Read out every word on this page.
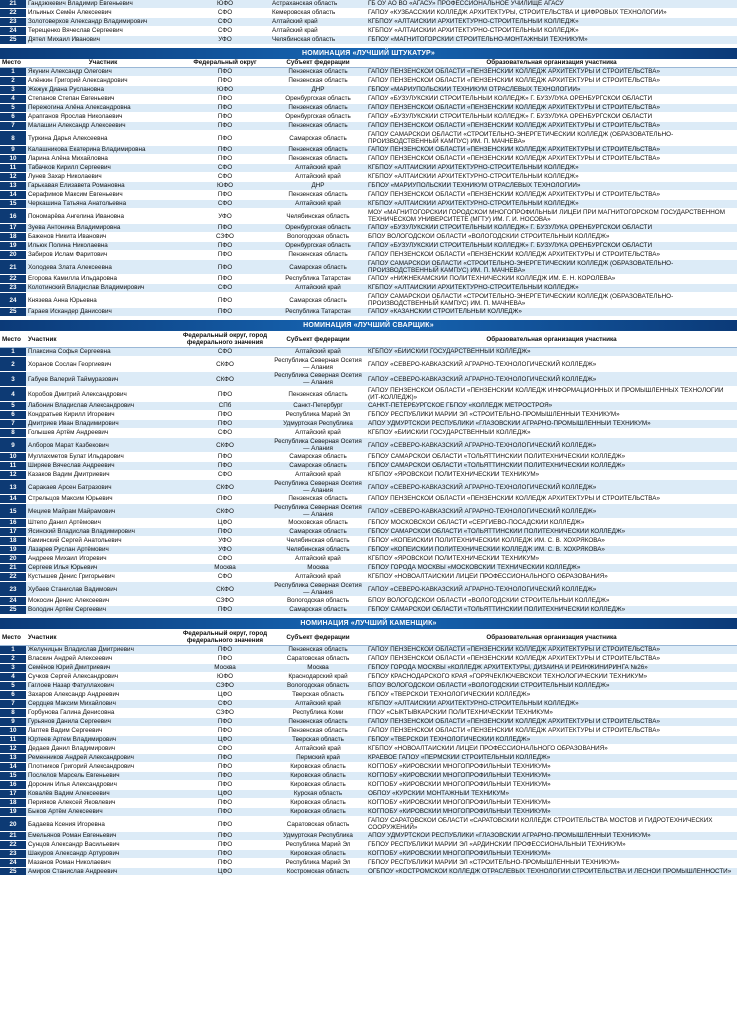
21	Гандзюкевич Владимир Евгеньевич	ЮФО	Астраханская область	ГБ ОУ АО ВО «АГАСУ» ПРОФЕССИОНАЛЬНОЕ УЧИЛИЩЕ АГАСУ
22	Ильиных Семён Алексеевич	СФО	Кемеровская область	ГАПОУ «КУЗБАССКИЙ КОЛЛЕДЖ АРХИТЕКТУРЫ, СТРОИТЕЛЬСТВА И ЦИФРОВЫХ ТЕХНОЛОГИЙ»
23	Золотоверхов Александр Владимирович	СФО	Алтайский край	КГБПОУ «АЛТАЙСКИЙ АРХИТЕКТУРНО-СТРОИТЕЛЬНЫЙ КОЛЛЕДЖ»
24	Терещенко Вячеслав Сергеевич	СФО	Алтайский край	КГБПОУ «АЛТАЙСКИЙ АРХИТЕКТУРНО-СТРОИТЕЛЬНЫЙ КОЛЛЕДЖ»
25	Дятел Михаил Иванович	УФО	Челябинская область	ГБПОУ «МАГНИТОГОРСКИЙ СТРОИТЕЛЬНО-МОНТАЖНЫЙ ТЕХНИКУМ»
НОМИНАЦИЯ «ЛУЧШИЙ ШТУКАТУР»
Место	Участник	Федеральный округ	Субъект федерации	Образовательная организация участника
1	Якунин Александр Олегович	ПФО	Пензенская область	ГАПОУ ПЕНЗЕНСКОЙ ОБЛАСТИ «ПЕНЗЕНСКИЙ КОЛЛЕДЖ АРХИТЕКТУРЫ И СТРОИТЕЛЬСТВА»
2	Алёнкин Григорий Александрович	ПФО	Пензенская область	ГАПОУ ПЕНЗЕНСКОЙ ОБЛАСТИ «ПЕНЗЕНСКИЙ КОЛЛЕДЖ АРХИТЕКТУРЫ И СТРОИТЕЛЬСТВА»
3	Жежук Диана Руслановна	ЮФО	ДНР	ГБПОУ «МАРИУПОЛЬСКИЙ ТЕХНИКУМ ОТРАСЛЕВЫХ ТЕХНОЛОГИЙ»
4	Степанов Степан Евгеньевич	ПФО	Оренбургская область	ГАПОУ «БУЗУЛУКСКИЙ СТРОИТЕЛЬНЫЙ КОЛЛЕДЖ» Г. БУЗУЛУКА ОРЕНБУРГСКОЙ ОБЛАСТИ
5	Пережогина Алёна Александровна	ПФО	Пензенская область	ГАПОУ ПЕНЗЕНСКОЙ ОБЛАСТИ «ПЕНЗЕНСКИЙ КОЛЛЕДЖ АРХИТЕКТУРЫ И СТРОИТЕЛЬСТВА»
6	Арапганов Ярослав Николаевич	ПФО	Оренбургская область	ГАПОУ «БУЗУЛУКСКИЙ СТРОИТЕЛЬНЫЙ КОЛЛЕДЖ» Г. БУЗУЛУКА ОРЕНБУРГСКОЙ ОБЛАСТИ
7	Малашин Александр Алексеевич	ПФО	Пензенская область	ГАПОУ ПЕНЗЕНСКОЙ ОБЛАСТИ «ПЕНЗЕНСКИЙ КОЛЛЕДЖ АРХИТЕКТУРЫ И СТРОИТЕЛЬСТВА»
8	Туркина Дарья Алексеевна	ПФО	Самарская область	ГАПОУ САМАРСКОЙ ОБЛАСТИ «СТРОИТЕЛЬНО-ЭНЕРГЕТИЧЕСКИЙ КОЛЛЕДЖ (ОБРАЗОВАТЕЛЬНО-ПРОИЗВОДСТВЕННЫЙ КАМПУС) ИМ. П. МАЧНЕВА»
9	Калашникова Екатерина Владимировна	ПФО	Пензенская область	ГАПОУ ПЕНЗЕНСКОЙ ОБЛАСТИ «ПЕНЗЕНСКИЙ КОЛЛЕДЖ АРХИТЕКТУРЫ И СТРОИТЕЛЬСТВА»
10	Ларина Алёна Михайловна	ПФО	Пензенская область	ГАПОУ ПЕНЗЕНСКОЙ ОБЛАСТИ «ПЕНЗЕНСКИЙ КОЛЛЕДЖ АРХИТЕКТУРЫ И СТРОИТЕЛЬСТВА»
11	Табачков Кирилл Сергеевич	СФО	Алтайский край	КГБПОУ «АЛТАЙСКИЙ АРХИТЕКТУРНО-СТРОИТЕЛЬНЫЙ КОЛЛЕДЖ»
12	Лунев Захар Николаевич	СФО	Алтайский край	КГБПОУ «АЛТАЙСКИЙ АРХИТЕКТУРНО-СТРОИТЕЛЬНЫЙ КОЛЛЕДЖ»
13	Гарькавая Елизавета Романовна	ЮФО	ДНР	ГБПОУ «МАРИУПОЛЬСКИЙ ТЕХНИКУМ ОТРАСЛЕВЫХ ТЕХНОЛОГИЙ»
14	Серафимов Максим Евгеньевич	ПФО	Пензенская область	ГАПОУ ПЕНЗЕНСКОЙ ОБЛАСТИ «ПЕНЗЕНСКИЙ КОЛЛЕДЖ АРХИТЕКТУРЫ И СТРОИТЕЛЬСТВА»
15	Черкашина Татьяна Анатольевна	СФО	Алтайский край	КГБПОУ «АЛТАЙСКИЙ АРХИТЕКТУРНО-СТРОИТЕЛЬНЫЙ КОЛЛЕДЖ»
16	Пономарёва Ангелина Ивановна	УФО	Челябинская область	МОУ «МАГНИТОГОРСКИЙ ГОРОДСКОЙ МНОГОПРОФИЛЬНЫЙ ЛИЦЕЙ ПРИ МАГНИТОГОРСКОМ ГОСУДАРСТВЕННОМ ТЕХНИЧЕСКОМ УНИВЕРСИТЕТЕ (МГТУ) ИМ. Г. И. НОСОВА»
17	Зуева Антонина Владимировна	ПФО	Оренбургская область	ГАПОУ «БУЗУЛУКСКИЙ СТРОИТЕЛЬНЫЙ КОЛЛЕДЖ» Г. БУЗУЛУКА ОРЕНБУРГСКОЙ ОБЛАСТИ
18	Баженов Никита Иванович	СЗФО	Вологодская область	БПОУ ВОЛОГОДСКОЙ ОБЛАСТИ «ВОЛОГОДСКИЙ СТРОИТЕЛЬНЫЙ КОЛЛЕДЖ»
19	Ильюк Полина Николаевна	ПФО	Оренбургская область	ГАПОУ «БУЗУЛУКСКИЙ СТРОИТЕЛЬНЫЙ КОЛЛЕДЖ» Г. БУЗУЛУКА ОРЕНБУРГСКОЙ ОБЛАСТИ
20	Забиров Ислам Фаритович	ПФО	Пензенская область	ГАПОУ ПЕНЗЕНСКОЙ ОБЛАСТИ «ПЕНЗЕНСКИЙ КОЛЛЕДЖ АРХИТЕКТУРЫ И СТРОИТЕЛЬСТВА»
21	Холодева Злата Алексеевна	ПФО	Самарская область	ГАПОУ САМАРСКОЙ ОБЛАСТИ «СТРОИТЕЛЬНО-ЭНЕРГЕТИЧЕСКИЙ КОЛЛЕДЖ (ОБРАЗОВАТЕЛЬНО-ПРОИЗВОДСТВЕННЫЙ КАМПУС) ИМ. П. МАЧНЕВА»
22	Егорова Камилла Ильдаровна	ПФО	Республика Татарстан	ГАПОУ «НИЖНЕКАМСКИЙ ПОЛИТЕХНИЧЕСКИЙ КОЛЛЕДЖ ИМ. Е. Н. КОРОЛЁВА»
23	Колотинский Владислав Владимирович	СФО	Алтайский край	КГБПОУ «АЛТАЙСКИЙ АРХИТЕКТУРНО-СТРОИТЕЛЬНЫЙ КОЛЛЕДЖ»
24	Князева Анна Юрьевна	ПФО	Самарская область	ГАПОУ САМАРСКОЙ ОБЛАСТИ «СТРОИТЕЛЬНО-ЭНЕРГЕТИЧЕСКИЙ КОЛЛЕДЖ (ОБРАЗОВАТЕЛЬНО-ПРОИЗВОДСТВЕННЫЙ КАМПУС) ИМ. П. МАЧНЕВА»
25	Гараев Искандер Данисович	ПФО	Республика Татарстан	ГАПОУ «КАЗАНСКИЙ СТРОИТЕЛЬНЫЙ КОЛЛЕДЖ»
НОМИНАЦИЯ «ЛУЧШИЙ СВАРЩИК»
Место	Участник	Федеральный округ, город федерального значения	Субъект федерации	Образовательная организация участника
1	Плаксина Софья Сергеевна	СФО	Алтайский край	КГБПОУ «БИЙСКИЙ ГОСУДАРСТВЕННЫЙ КОЛЛЕДЖ»
2	Хоранов Сослан Георгиевич	СКФО	Республика Северная Осетия — Алания	ГАПОУ «СЕВЕРО-КАВКАЗСКИЙ АГРАРНО-ТЕХНОЛОГИЧЕСКИЙ КОЛЛЕДЖ»
3	Габуев Валерий Таймуразович	СКФО	Республика Северная Осетия — Алания	ГАПОУ «СЕВЕРО-КАВКАЗСКИЙ АГРАРНО-ТЕХНОЛОГИЧЕСКИЙ КОЛЛЕДЖ»
4	Коробов Дмитрий Александрович	ПФО	Пензенская область	ГАПОУ ПЕНЗЕНСКОЙ ОБЛАСТИ «ПЕНЗЕНСКИЙ КОЛЛЕДЖ ИНФОРМАЦИОННЫХ И ПРОМЫШЛЕННЫХ ТЕХНОЛОГИЙ (ИТ-КОЛЛЕДЖ)»
5	Лабонин Владислав Александрович	СПб	Санкт-Петербург	САНКТ-ПЕТЕРБУРГСКОЕ ГБПОУ «КОЛЛЕДЖ МЕТРОСТРОЯ»
6	Кондратьев Кирилл Игоревич	ПФО	Республика Марий Эл	ГБПОУ РЕСПУБЛИКИ МАРИЙ ЭЛ «СТРОИТЕЛЬНО-ПРОМЫШЛЕННЫЙ ТЕХНИКУМ»
7	Дмитриев Иван Владимирович	ПФО	Удмуртская Республика	АПОУ УДМУРТСКОЙ РЕСПУБЛИКИ «ГЛАЗОВСКИЙ АГРАРНО-ПРОМЫШЛЕННЫЙ ТЕХНИКУМ»
8	Голышев Артём Андреевич	СФО	Алтайский край	КГБПОУ «БИЙСКИЙ ГОСУДАРСТВЕННЫЙ КОЛЛЕДЖ»
9	Алборов Марат Казбекович	СКФО	Республика Северная Осетия — Алания	ГАПОУ «СЕВЕРО-КАВКАЗСКИЙ АГРАРНО-ТЕХНОЛОГИЧЕСКИЙ КОЛЛЕДЖ»
10	Муллахметов Булат Ильдарович	ПФО	Самарская область	ГБПОУ САМАРСКОЙ ОБЛАСТИ «ТОЛЬЯТТИНСКИЙ ПОЛИТЕХНИЧЕСКИЙ КОЛЛЕДЖ»
11	Ширяев Вячеслав Андреевич	ПФО	Самарская область	ГБПОУ САМАРСКОЙ ОБЛАСТИ «ТОЛЬЯТТИНСКИЙ ПОЛИТЕХНИЧЕСКИЙ КОЛЛЕДЖ»
12	Казаков Вадим Дмитриевич	СФО	Алтайский край	КГБПОУ «ЯРОВСКОЙ ПОЛИТЕХНИЧЕСКИЙ ТЕХНИКУМ»
13	Саракаев Арсен Батразович	СКФО	Республика Северная Осетия — Алания	ГАПОУ «СЕВЕРО-КАВКАЗСКИЙ АГРАРНО-ТЕХНОЛОГИЧЕСКИЙ КОЛЛЕДЖ»
14	Стрельцов Максим Юрьевич	ПФО	Пензенская область	ГАПОУ ПЕНЗЕНСКОЙ ОБЛАСТИ «ПЕНЗЕНСКИЙ КОЛЛЕДЖ АРХИТЕКТУРЫ И СТРОИТЕЛЬСТВА»
15	Мециев Майрам Майрамович	СКФО	Республика Северная Осетия — Алания	ГАПОУ «СЕВЕРО-КАВКАЗСКИЙ АГРАРНО-ТЕХНОЛОГИЧЕСКИЙ КОЛЛЕДЖ»
16	Штепо Данил Артёмович	ЦФО	Московская область	ГБПОУ МОСКОВСКОЙ ОБЛАСТИ «СЕРГИЕВО-ПОСАДСКИЙ КОЛЛЕДЖ»
17	Ясинский Владислав Владимирович	ПФО	Самарская область	ГБПОУ САМАРСКОЙ ОБЛАСТИ «ТОЛЬЯТТИНСКИЙ ПОЛИТЕХНИЧЕСКИЙ КОЛЛЕДЖ»
18	Каминский Сергей Анатольевич	УФО	Челябинская область	ГБПОУ «КОПЕЙСКИЙ ПОЛИТЕХНИЧЕСКИЙ КОЛЛЕДЖ ИМ. С. В. ХОХРЯКОВА»
19	Лазарев Руслан Артёмович	УФО	Челябинская область	ГБПОУ «КОПЕЙСКИЙ ПОЛИТЕХНИЧЕСКИЙ КОЛЛЕДЖ ИМ. С. В. ХОХРЯКОВА»
20	Андреев Михаил Игоревич	СФО	Алтайский край	КГБПОУ «ЯРОВСКОЙ ПОЛИТЕХНИЧЕСКИЙ ТЕХНИКУМ»
21	Сергеев Илья Юрьевич	Москва	Москва	ГБПОУ ГОРОДА МОСКВЫ «МОСКОВСКИЙ ТЕХНИЧЕСКИЙ КОЛЛЕДЖ»
22	Кустышев Денис Григорьевич	СФО	Алтайский край	КГБПОУ «НОВОАЛТАЙСКИЙ ЛИЦЕЙ ПРОФЕССИОНАЛЬНОГО ОБРАЗОВАНИЯ»
23	Хубаев Станислав Вадимович	СКФО	Республика Северная Осетия — Алания	ГАПОУ «СЕВЕРО-КАВКАЗСКИЙ АГРАРНО-ТЕХНОЛОГИЧЕСКИЙ КОЛЛЕДЖ»
24	Мокосин Денис Алексеевич	СЗФО	Вологодская область	БПОУ ВОЛОГОДСКОЙ ОБЛАСТИ «ВОЛОГОДСКИЙ СТРОИТЕЛЬНЫЙ КОЛЛЕДЖ»
25	Володин Артём Сергеевич	ПФО	Самарская область	ГБПОУ САМАРСКОЙ ОБЛАСТИ «ТОЛЬЯТТИНСКИЙ ПОЛИТЕХНИЧЕСКИЙ КОЛЛЕДЖ»
НОМИНАЦИЯ «ЛУЧШИЙ КАМЕНЩИК»
Место	Участник	Федеральный округ, город федерального значения	Субъект федерации	Образовательная организация участника
1	Желуницын Владислав Дмитриевич	ПФО	Пензенская область	ГАПОУ ПЕНЗЕНСКОЙ ОБЛАСТИ «ПЕНЗЕНСКИЙ КОЛЛЕДЖ АРХИТЕКТУРЫ И СТРОИТЕЛЬСТВА»
2	Власкин Андрей Алексеевич	ПФО	Саратовская область	ГАПОУ ПЕНЗЕНСКОЙ ОБЛАСТИ «ПЕНЗЕНСКИЙ КОЛЛЕДЖ АРХИТЕКТУРЫ И СТРОИТЕЛЬСТВА»
3	Семёнов Юрий Дмитриевич	Москва	Москва	ГБПОУ ГОРОДА МОСКВЫ «КОЛЛЕДЖ АРХИТЕКТУРЫ, ДИЗАЙНА И РЕИНЖИНИРИНГА №26»
4	Сучков Сергей Александрович	ЮФО	Краснодарский край	ГБПОУ КРАСНОДАРСКОГО КРАЯ «ГОРЯЧЕКЛЮЧЕВСКОЙ ТЕХНОЛОГИЧЕСКИЙ ТЕХНИКУМ»
5	Гаглоев Назар Фатуллахович	СЗФО	Вологодская область	БПОУ ВОЛОГОДСКОЙ ОБЛАСТИ «ВОЛОГОДСКИЙ СТРОИТЕЛЬНЫЙ КОЛЛЕДЖ»
6	Захаров Александр Андреевич	ЦФО	Тверская область	ГБПОУ «ТВЕРСКОЙ ТЕХНОЛОГИЧЕСКИЙ КОЛЛЕДЖ»
7	Сердцев Максим Михайлович	СФО	Алтайский край	КГБПОУ «АЛТАЙСКИЙ АРХИТЕКТУРНО-СТРОИТЕЛЬНЫЙ КОЛЛЕДЖ»
8	Горбунова Галина Денисовна	СЗФО	Республика Коми	ГПОУ «СЫКТЫВКАРСКИЙ ПОЛИТЕХНИЧЕСКИЙ ТЕХНИКУМ»
9	Гурьянов Данила Сергеевич	ПФО	Пензенская область	ГАПОУ ПЕНЗЕНСКОЙ ОБЛАСТИ «ПЕНЗЕНСКИЙ КОЛЛЕДЖ АРХИТЕКТУРЫ И СТРОИТЕЛЬСТВА»
10	Лаптев Вадим Сергеевич	ПФО	Пензенская область	ГАПОУ ПЕНЗЕНСКОЙ ОБЛАСТИ «ПЕНЗЕНСКИЙ КОЛЛЕДЖ АРХИТЕКТУРЫ И СТРОИТЕЛЬСТВА»
11	Юртеев Артем Владимирович	ЦФО	Тверская область	ГБПОУ «ТВЕРСКОЙ ТЕХНОЛОГИЧЕСКИЙ КОЛЛЕДЖ»
12	Дедаев Данил Владимирович	СФО	Алтайский край	КГБПОУ «НОВОАЛТАЙСКИЙ ЛИЦЕЙ ПРОФЕССИОНАЛЬНОГО ОБРАЗОВАНИЯ»
13	Ременников Андрей Александрович	ПФО	Пермский край	КРАЕВОЕ ГАПОУ «ПЕРМСКИЙ СТРОИТЕЛЬНЫЙ КОЛЛЕДЖ»
14	Плотников Григорий Александрович	ПФО	Кировская область	КОГПОБУ «КИРОВСКИЙ МНОГОПРОФИЛЬНЫЙ ТЕХНИКУМ»
15	Послелов Марсель Евгеньевич	ПФО	Кировская область	КОГПОБУ «КИРОВСКИЙ МНОГОПРОФИЛЬНЫЙ ТЕХНИКУМ»
16	Доронин Илья Александрович	ПФО	Кировская область	КОГПОБУ «КИРОВСКИЙ МНОГОПРОФИЛЬНЫЙ ТЕХНИКУМ»
17	Ковалёв Вадим Алексеевич	ЦФО	Курская область	ОБПОУ «КУРСКИЙ МОНТАЖНЫЙ ТЕХНИКУМ»
18	Перияков Алексей Яковлевич	ПФО	Кировская область	КОГПОБУ «КИРОВСКИЙ МНОГОПРОФИЛЬНЫЙ ТЕХНИКУМ»
19	Быков Артём Алексеевич	ПФО	Кировская область	КОГПОБУ «КИРОВСКИЙ МНОГОПРОФИЛЬНЫЙ ТЕХНИКУМ»
20	Бадаева Ксения Игоревна	ПФО	Саратовская область	ГАПОУ САРАТОВСКОЙ ОБЛАСТИ «САРАТОВСКИЙ КОЛЛЕДЖ СТРОИТЕЛЬСТВА МОСТОВ И ГИДРОТЕХНИЧЕСКИХ СООРУЖЕНИЙ»
21	Емельянов Роман Евгеньевич	ПФО	Удмуртская Республика	АПОУ УДМУРТСКОЙ РЕСПУБЛИКИ «ГЛАЗОВСКИЙ АГРАРНО-ПРОМЫШЛЕННЫЙ ТЕХНИКУМ»
22	Сунцов Александр Васильевич	ПФО	Республика Марий Эл	ГБПОУ РЕСПУБЛИКИ МАРИЙ ЭЛ «АРДИНСКИЙ ПРОФЕССИОНАЛЬНЫЙ ТЕХНИКУМ»
23	Шакуров Александр Артурович	ПФО	Кировская область	КОГПОБУ «КИРОВСКИЙ МНОГОПРОФИЛЬНЫЙ ТЕХНИКУМ»
24	Мазанов Роман Николаевич	ПФО	Республика Марий Эл	ГБПОУ РЕСПУБЛИКИ МАРИЙ ЭЛ «СТРОИТЕЛЬНО-ПРОМЫШЛЕННЫЙ ТЕХНИКУМ»
25	Амиров Станислав Андреевич	ЦФО	Костромская область	ОГБПОУ «КОСТРОМСКОЙ КОЛЛЕДЖ ОТРАСЛЕВЫХ ТЕХНОЛОГИЙ СТРОИТЕЛЬСТВА И ЛЕСНОЙ ПРОМЫШЛЕННОСТИ»
